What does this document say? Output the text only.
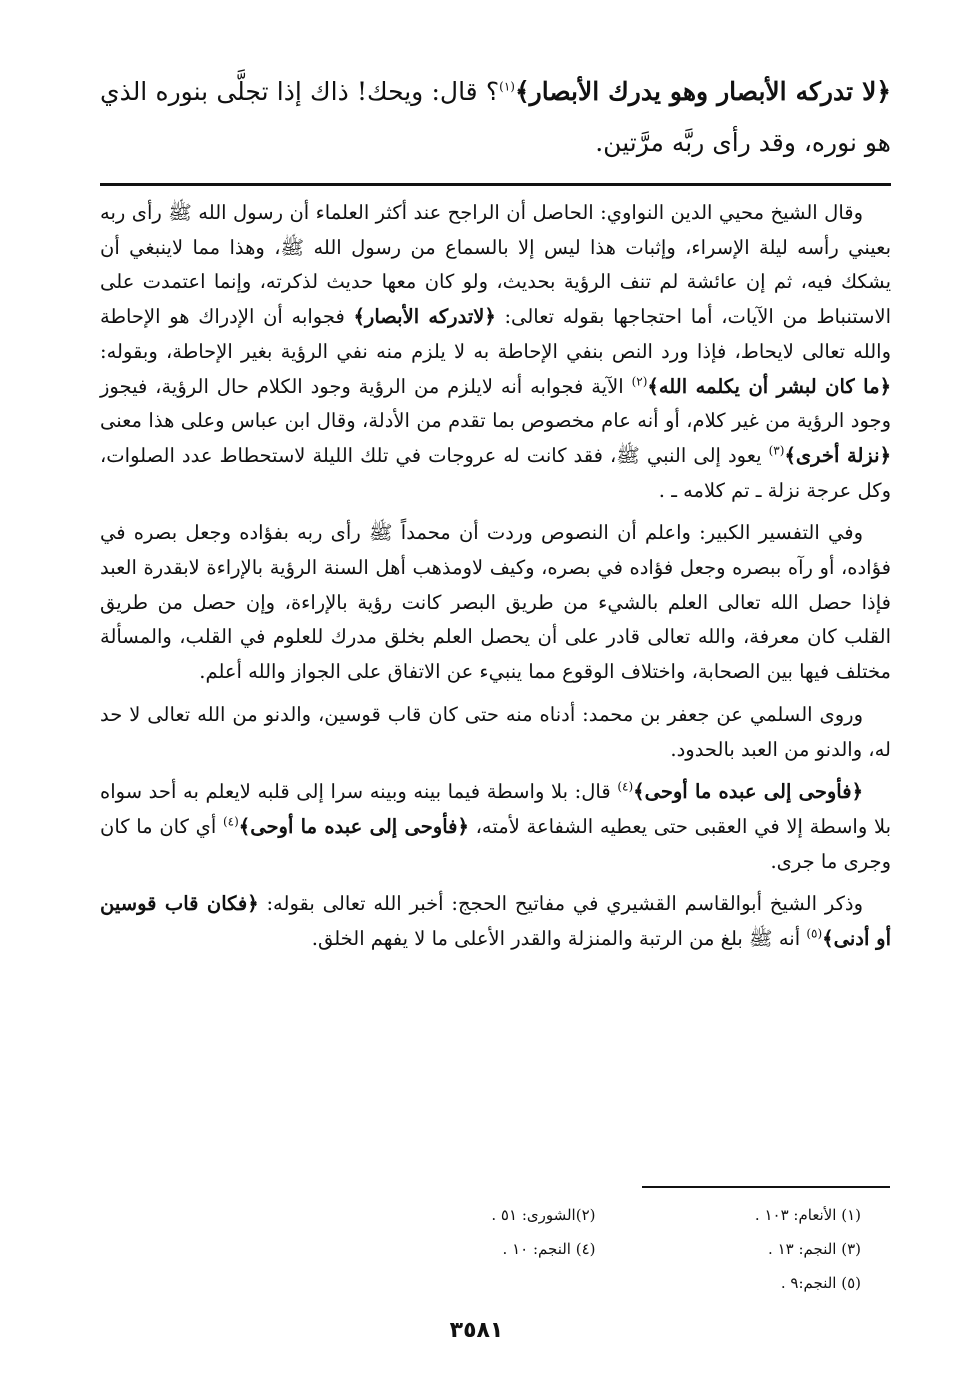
﴿لا تدركه الأبصار وهو يدرك الأبصار﴾$^{(١)}$؟ قال: ويحك! ذاك إذا تجلَّى بنوره الذي هو نوره، وقد رأى ربَّه مرَّتين.

وقال الشيخ محيي الدين النواوي: الحاصل أن الراجح عند أكثر العلماء أن رسول الله ﷺ رأى ربه بعيني رأسه ليلة الإسراء، وإثبات هذا ليس إلا بالسماع من رسول الله ﷺ، وهذا مما لاينبغي أن يشكك فيه، ثم إن عائشة لم تنف الرؤية بحديث، ولو كان معها حديث لذكرته، وإنما اعتمدت على الاستنباط من الآيات، أما احتجاجها بقوله تعالى: ﴿لاتدركه الأبصار﴾ فجوابه أن الإدراك هو الإحاطة والله تعالى لايحاط، فإذا ورد النص بنفي الإحاطة به لا يلزم منه نفي الرؤية بغير الإحاطة، وبقوله: ﴿ما كان لبشر أن يكلمه الله﴾$^{(٢)}$ الآية فجوابه أنه لايلزم من الرؤية وجود الكلام حال الرؤية، فيجوز وجود الرؤية من غير كلام، أو أنه عام مخصوص بما تقدم من الأدلة، وقال ابن عباس وعلى هذا معنى ﴿نزلة أخرى﴾$^{(٣)}$ يعود إلى النبي ﷺ، فقد كانت له عروجات في تلك الليلة لاستحطاط عدد الصلوات، وكل عرجة نزلة ـ تم كلامه ـ .

وفي التفسير الكبير: واعلم أن النصوص وردت أن محمداً ﷺ رأى ربه بفؤاده وجعل بصره في فؤاده، أو رآه ببصره وجعل فؤاده في بصره، وكيف لاومذهب أهل السنة الرؤية بالإراءة لابقدرة العبد فإذا حصل الله تعالى العلم بالشيء من طريق البصر كانت رؤية بالإراءة، وإن حصل من طريق القلب كان معرفة، والله تعالى قادر على أن يحصل العلم بخلق مدرك للعلوم في القلب، والمسألة مختلف فيها بين الصحابة، واختلاف الوقوع مما ينبيء عن الاتفاق على الجواز والله أعلم.

وروى السلمي عن جعفر بن محمد: أدناه منه حتى كان قاب قوسين، والدنو من الله تعالى لا حد له، والدنو من العبد بالحدود.

﴿فأوحى إلى عبده ما أوحى﴾$^{(٤)}$ قال: بلا واسطة فيما بينه وبينه سرا إلى قلبه لايعلم به أحد سواه بلا واسطة إلا في العقبى حتى يعطيه الشفاعة لأمته، ﴿فأوحى إلى عبده ما أوحى﴾$^{(٤)}$ أي كان ما كان وجرى ما جرى.

وذكر الشيخ أبوالقاسم القشيري في مفاتيح الحجج: أخبر الله تعالى بقوله: ﴿فكان قاب قوسين أو أدنى﴾$^{(٥)}$ أنه ﷺ بلغ من الرتبة والمنزلة والقدر الأعلى ما لا يفهم الخلق.

(١) الأنعام: ١٠٣ .
(٢)الشورى: ٥١ .
(٣) النجم: ١٣ .
(٤) النجم: ١٠ .
(٥) النجم:٩ .
٣٥٨١
